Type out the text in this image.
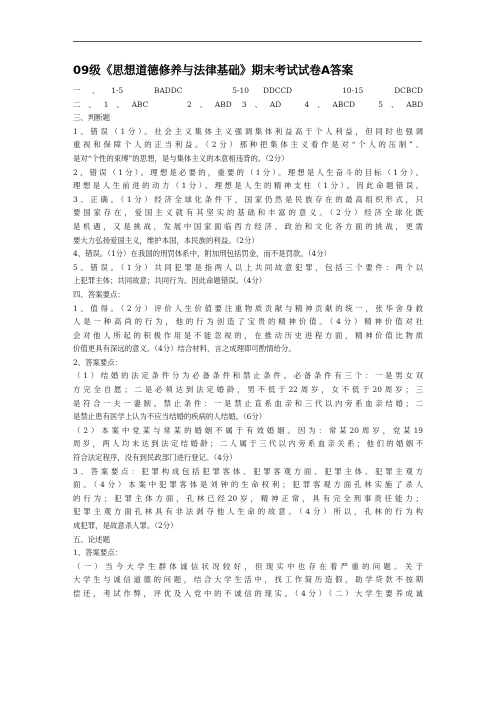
09级《思想道德修养与法律基础》期末考试试卷A答案
一、1-5　BADDC　　5-10 DDCCD　　10-15　DCBCD
二、1、ABC　　2、ABD 3、AD　4、ABCD　5、ABD
三、判断题
1、错误（1分）。社会主义集体主义强调集体利益高于个人利益，但同时也强调
重视和保障个人的正当利益。（2分）那种把集体主义看作是对“个人的压制”、
是对“个性的束缚”的思想，是与集体主义的本意相违背的。（2分）
2、错误（1分）。理想是必要的，重要的（1分）。理想是人生奋斗的目标（1分）。
理想是人生前进的动力（1分）。理想是人生的精神支柱（1分）。因此命题错误。
3、正确。（1分）经济全球化条件下，国家仍然是民族存在的最高组织形式，只
要国家存在，爱国主义就有其坚实的基础和丰富的意义。（2分）经济全球化既
是机遇，又是挑战，发展中国家面临西方经济、政治和文化各方面的挑战，更需
要大力弘扬爱国主义，维护本国，本民族的利益。（2分）
4、错误。（1分）在我国的刑罚体系中，附加刑包括罚金，而不是罚款。（4分）
5、错误。（1分）共同犯罪是指两人以上共同故意犯罪，包括三个要件：两个以
上犯罪主体；共同故意；共同行为。因此命题错误。（4分）
四、答案要点：
1、值得。（2分）评价人生价值要注重物质贡献与精神贡献的统一，张华舍身救
人是一种高尚的行为，他的行为创造了宝贵的精神价值。（4分）精神价值对社
会对他人所起的积极作用是不能忽视的，在推动历史进程方面，精神价值比物质
价值更具有深远的意义。（4分）结合材料，言之成理即可酌情给分。
2、答案要点：
（1）结婚的法定条件分为必备条件和禁止条件。必备条件有三个：一是男女双
方完全自愿；二是必须达到法定婚龄，男不低于22周岁，女不低于20周岁；三
是符合一夫一妻制。禁止条件：一是禁止直系血亲和三代以内旁系血亲结婚；二
是禁止患有医学上认为不应当结婚的疾病的人结婚。（6分）
（2）本案中党某与常某的婚姻不属于有效婚姻。因为：常某20周岁，党某19
周岁，两人均未达到法定结婚龄；二人属于三代以内旁系血亲关系；他们的婚姻不
符合法定程序，没有到民政部门进行登记。（4分）
3、答案要点：犯罪构成包括犯罪客体、犯罪客观方面、犯罪主体、犯罪主观方
面。（4分）本案中犯罪客体是刘钟的生命权利；犯罪客观方面孔林实施了杀人
的行为；犯罪主体方面，孔林已经20岁，精神正常，具有完全刑事责任能力；
犯罪主观方面孔林具有非法剥夺他人生命的故意。（4分）所以，孔林的行为构
成犯罪，是故意杀人罪。（2分）
五、论述题
1、答案要点：
（一）当今大学生群体诚信状况较好，但现实中也存在着严重的问题。关于
大学生与诚信道德的问题，结合大学生活中，找工作简历造假，助学贷款不按期
偿还，考试作弊，评优及入党中的不诚信的现实。（4分）（二）大学生要养成诚
